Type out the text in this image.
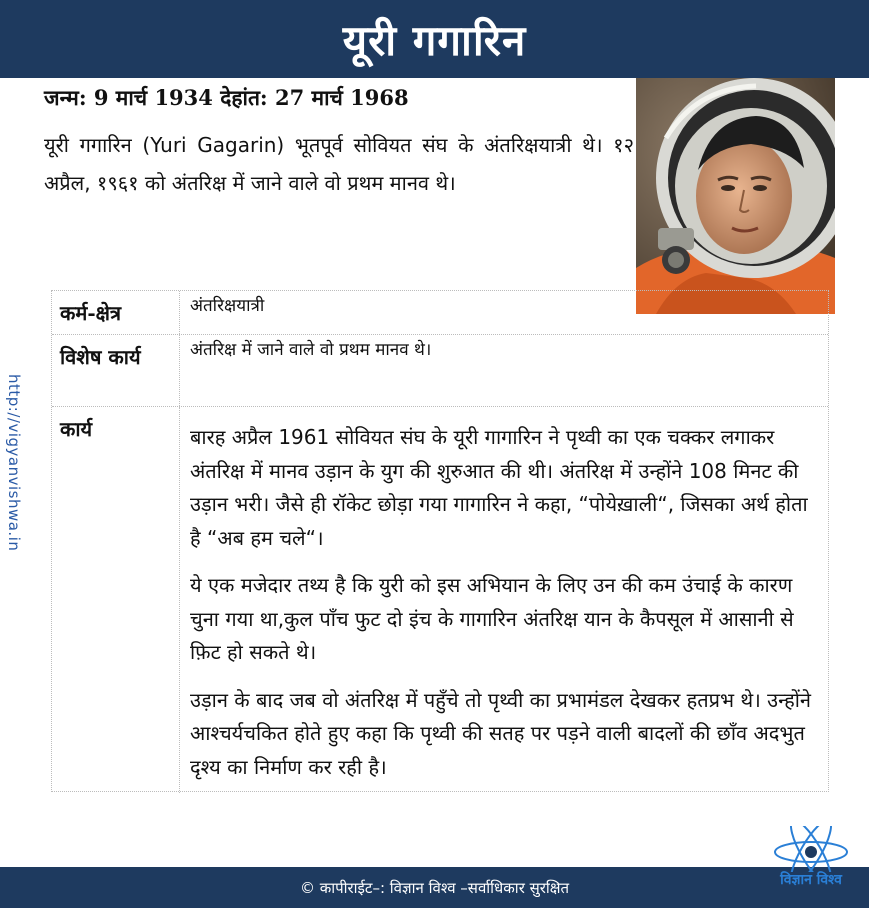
यूरी गगारिन
जन्म: 9 मार्च 1934 देहांत: 27 मार्च 1968
यूरी गगारिन (Yuri Gagarin) भूतपूर्व सोवियत संघ के अंतरिक्षयात्री थे। १२ अप्रैल, १९६१ को अंतरिक्ष में जाने वाले वो प्रथम मानव थे।
कर्म-क्षेत्र	अंतरिक्षयात्री
विशेष कार्य	अंतरिक्ष में जाने वाले वो प्रथम मानव थे।
कार्य	बारह अप्रैल 1961 सोवियत संघ के यूरी गागारिन ने पृथ्वी का एक चक्कर लगाकर अंतरिक्ष में मानव उड़ान के युग की शुरुआत की थी। अंतरिक्ष में उन्होंने 108 मिनट की उड़ान भरी। जैसे ही रॉकेट छोड़ा गया गागारिन ने कहा, “पोयेख़ाली“, जिसका अर्थ होता है “अब हम चले“।

ये एक मजेदार तथ्य है कि युरी को इस अभियान के लिए उन की कम उंचाई के कारण चुना गया था,कुल पाँच फुट दो इंच के गागारिन अंतरिक्ष यान के कैपसूल में आसानी से फ़िट हो सकते थे।

उड़ान के बाद जब वो अंतरिक्ष में पहुँचे तो पृथ्वी का प्रभामंडल देखकर हतप्रभ थे। उन्होंने आश्चर्यचकित होते हुए कहा कि पृथ्वी की सतह पर पड़ने वाली बादलों की छाँव अदभुत दृश्य का निर्माण कर रही है।

http://vigyanvishwa.in
© कापीराईट–: विज्ञान विश्व –सर्वाधिकार सुरक्षित	विज्ञान विश्व
